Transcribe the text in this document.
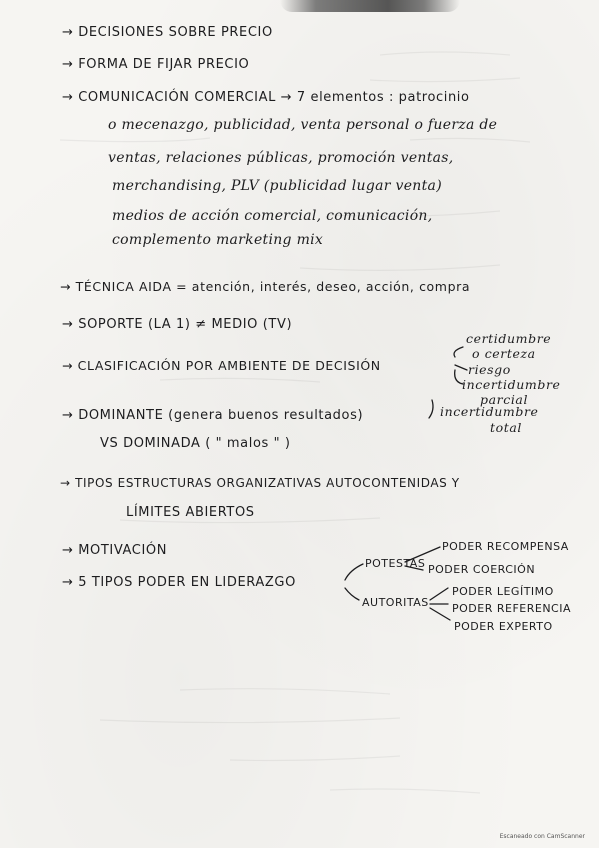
→ DECISIONES SOBRE PRECIO
→ FORMA DE FIJAR PRECIO
→ COMUNICACIÓN COMERCIAL → 7 elementos : patrocinio
o mecenazgo, publicidad, venta personal o fuerza de
ventas, relaciones públicas, promoción ventas,
merchandising, PLV (publicidad lugar venta)
medios de acción comercial, comunicación,
complemento marketing mix
→ TÉCNICA AIDA = atención, interés, deseo, acción, compra
→ SOPORTE (LA 1) ≠ MEDIO (TV)
→ CLASIFICACIÓN POR AMBIENTE DE DECISIÓN
certidumbre
o certeza
riesgo
incertidumbre
parcial
incertidumbre
total
→ DOMINANTE (genera buenos resultados)
VS DOMINADA ( " malos " )
→ TIPOS ESTRUCTURAS ORGANIZATIVAS AUTOCONTENIDAS Y
LÍMITES ABIERTOS
→ MOTIVACIÓN
→ 5 TIPOS PODER EN LIDERAZGO
POTESTAS
AUTORITAS
PODER RECOMPENSA
PODER COERCIÓN
PODER LEGÍTIMO
PODER REFERENCIA
PODER EXPERTO
Escaneado con CamScanner
